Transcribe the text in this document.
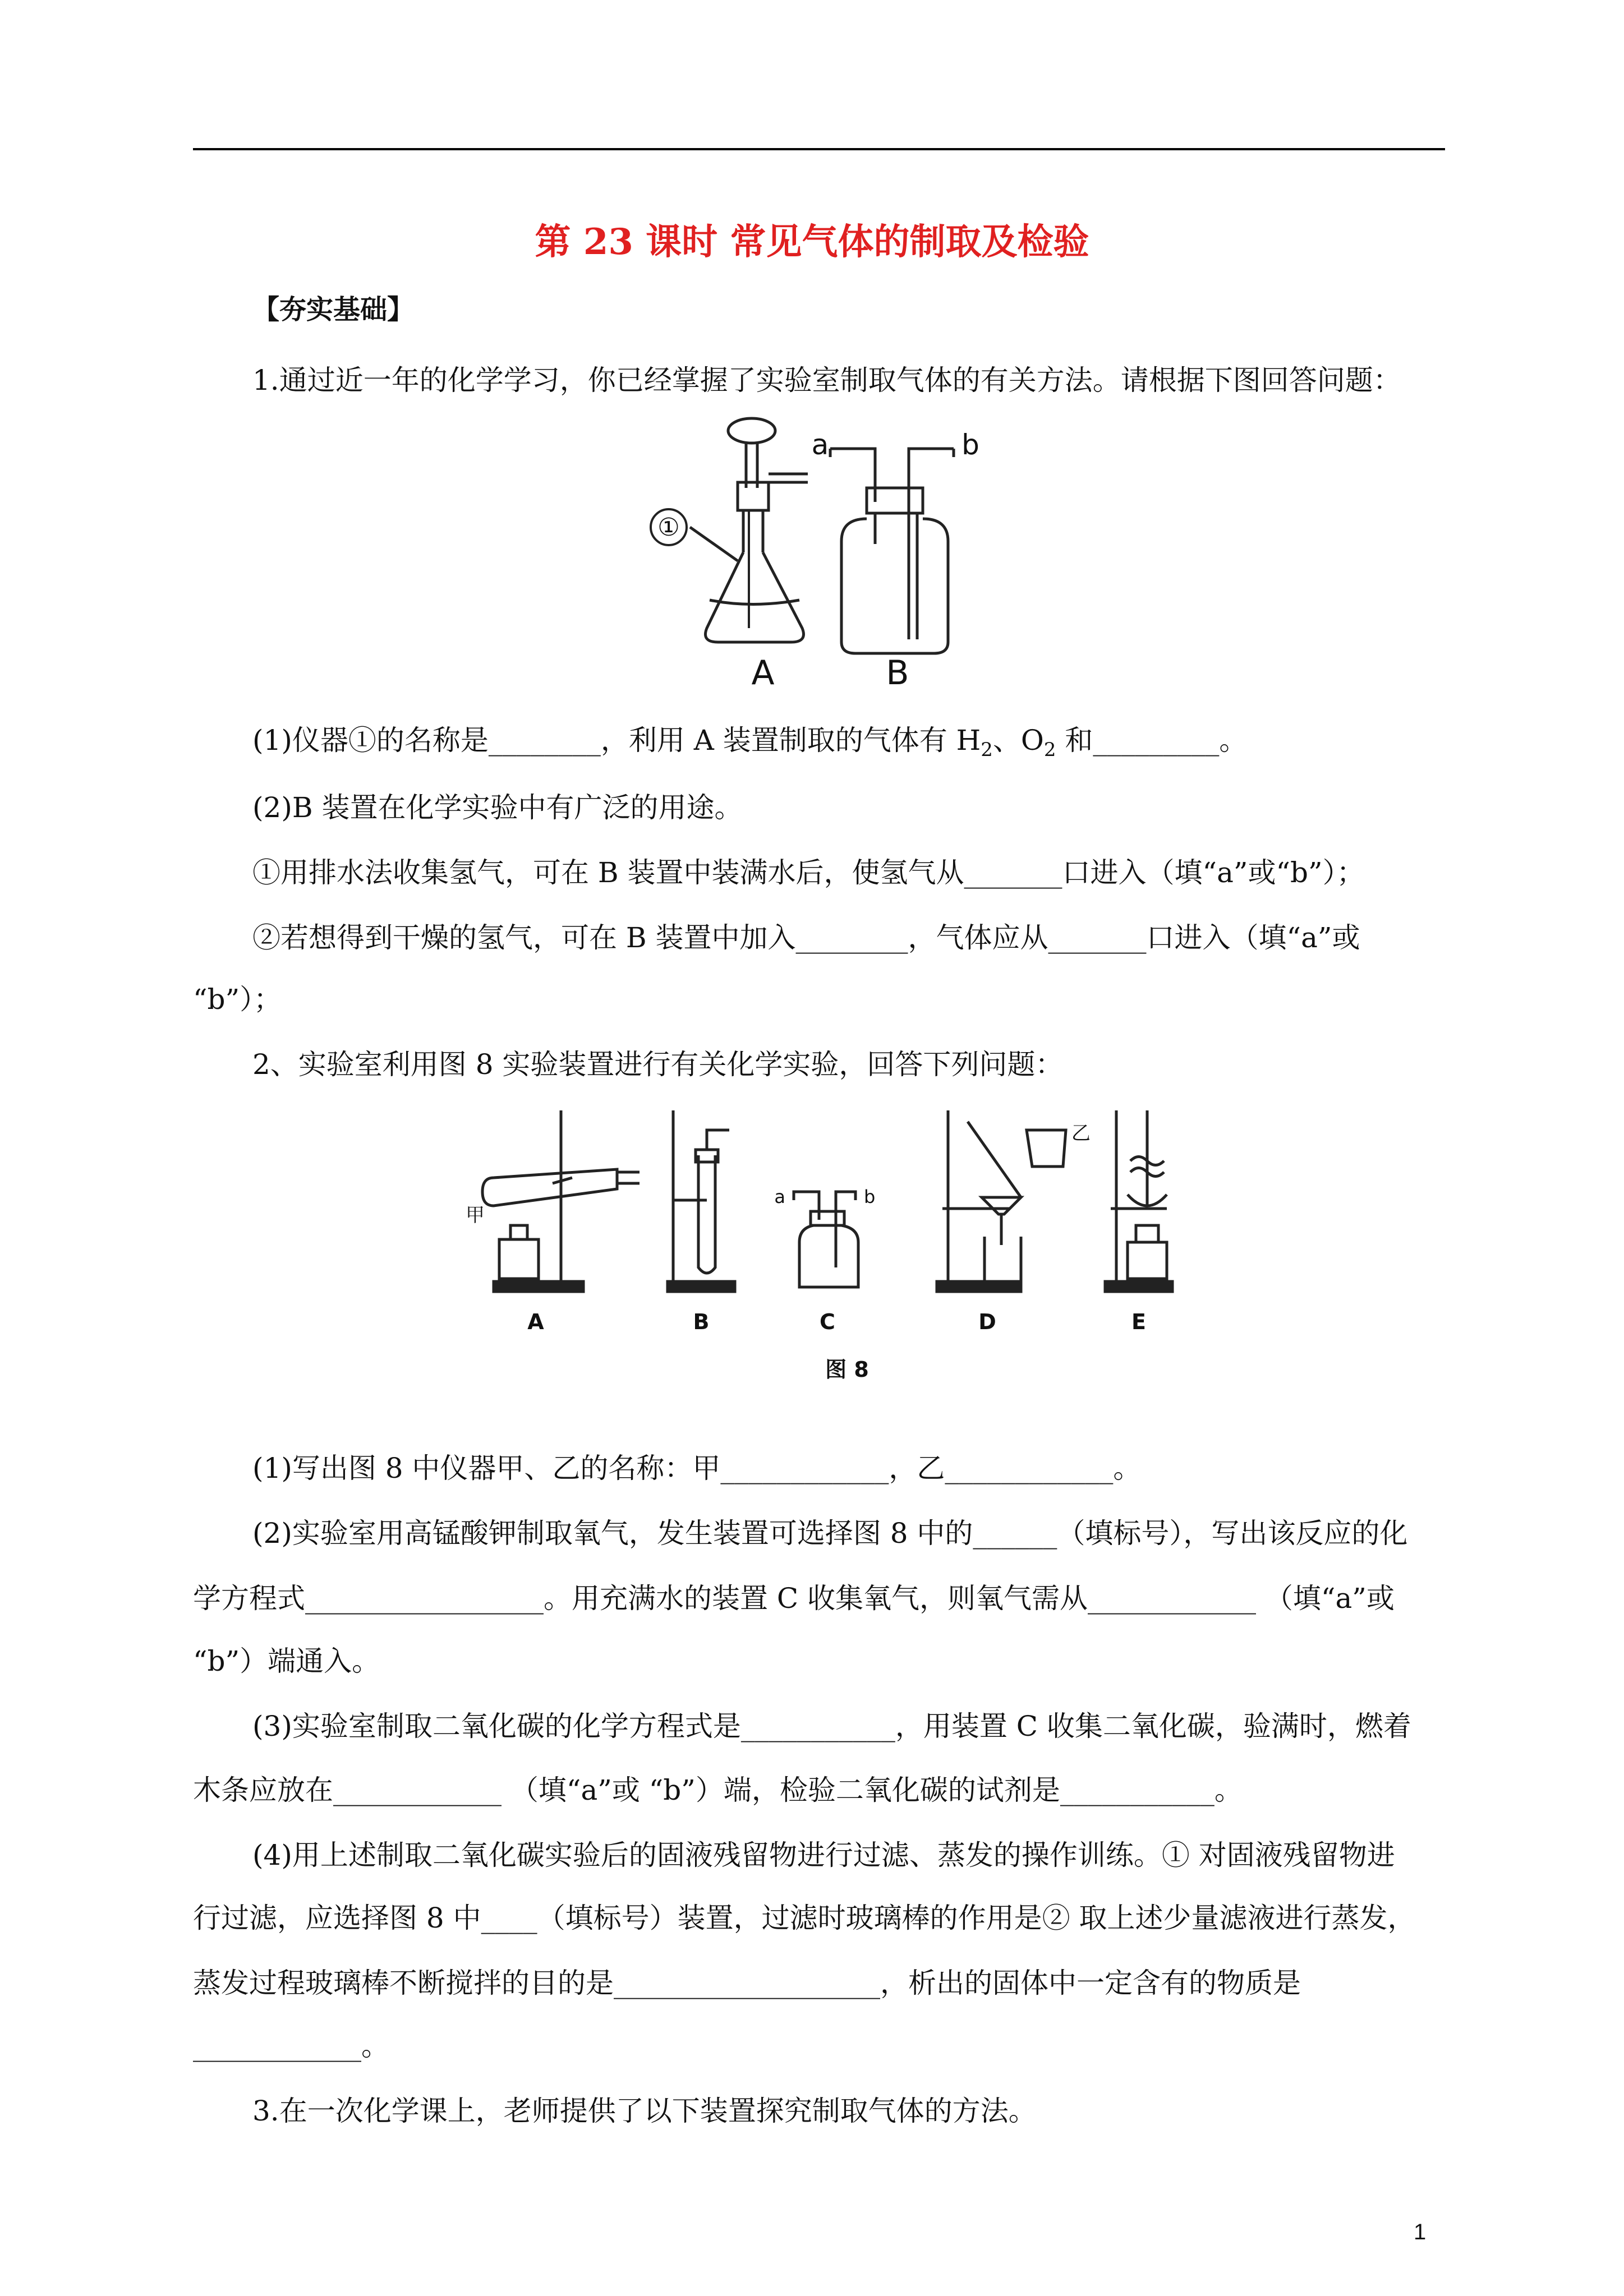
第 23 课时 常见气体的制取及检验
【夯实基础】
1.通过近一年的化学学习，你已经掌握了实验室制取气体的有关方法。请根据下图回答问题：
①
a	b
A	B
(1)仪器①的名称是________，利用 A 装置制取的气体有 $H_2$、$O_2$ 和_________。
(2)B 装置在化学实验中有广泛的用途。
①用排水法收集氢气，可在 B 装置中装满水后，使氢气从_______口进入（填“a”或“b”）；
②若想得到干燥的氢气，可在 B 装置中加入________，气体应从_______口进入（填“a”或
“b”）；
2、实验室利用图 8 实验装置进行有关化学实验，回答下列问题：
甲
乙
a	b
A	B	C	D	E
图 8
(1)写出图 8 中仪器甲、乙的名称：甲____________，乙____________。
(2)实验室用高锰酸钾制取氧气，发生装置可选择图 8 中的______（填标号），写出该反应的化
学方程式_________________。用充满水的装置 C 收集氧气，则氧气需从____________ （填“a”或
“b”）端通入。
(3)实验室制取二氧化碳的化学方程式是___________，用装置 C 收集二氧化碳，验满时，燃着
木条应放在____________ （填“a”或 “b”）端，检验二氧化碳的试剂是___________。
(4)用上述制取二氧化碳实验后的固液残留物进行过滤、蒸发的操作训练。① 对固液残留物进
行过滤，应选择图 8 中____（填标号）装置，过滤时玻璃棒的作用是② 取上述少量滤液进行蒸发，
蒸发过程玻璃棒不断搅拌的目的是___________________，析出的固体中一定含有的物质是
____________。
3.在一次化学课上，老师提供了以下装置探究制取气体的方法。
1
